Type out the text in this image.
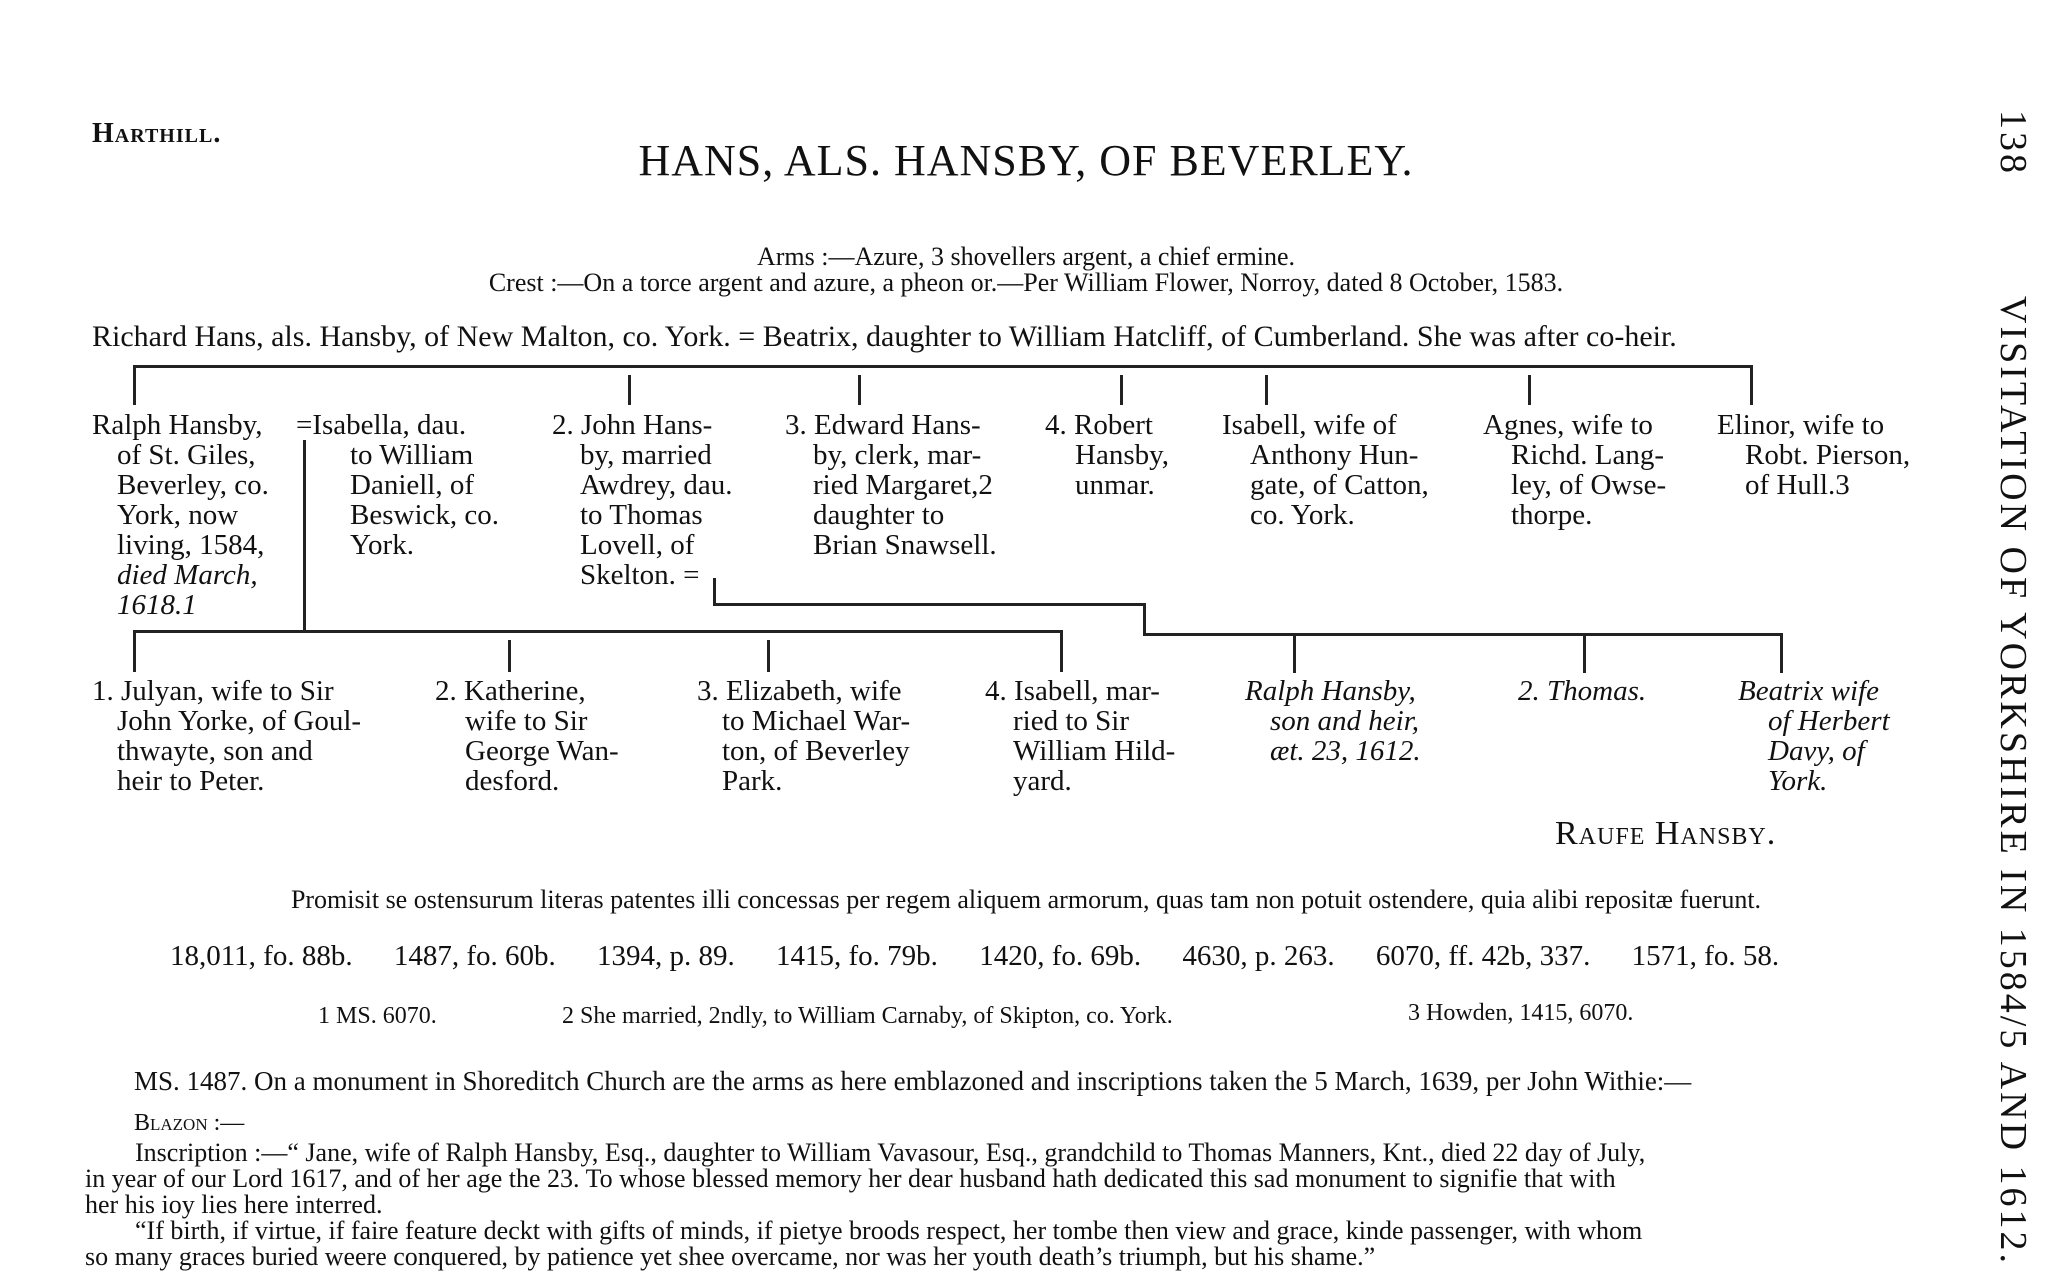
Harthill.
HANS, ALS. HANSBY, OF BEVERLEY.	138VISITATION OF YORKSHIRE IN 1584/5 AND 1612.
Arms :—Azure, 3 shovellers argent, a chief ermine.
Crest :—On a torce argent and azure, a pheon or.—Per William Flower, Norroy, dated 8 October, 1583.
Richard Hans, als. Hansby, of New Malton, co. York. = Beatrix, daughter to William Hatcliff, of Cumberland. She was after co-heir.
Ralph Hansby,
of St. Giles,
Beverley, co.
York, now
living, 1584,
died March,
1618.1
=Isabella, dau.
to William
Daniell, of
Beswick, co.
York.
2. John Hans-
by, married
Awdrey, dau.
to Thomas
Lovell, of
Skelton. =
3. Edward Hans-
by, clerk, mar-
ried Margaret,2
daughter to
Brian Snawsell.
4. Robert
Hansby,
unmar.
Isabell, wife of
Anthony Hun-
gate, of Catton,
co. York.
Agnes, wife to
Richd. Lang-
ley, of Owse-
thorpe.
Elinor, wife to
Robt. Pierson,
of Hull.3
1. Julyan, wife to Sir
John Yorke, of Goul-
thwayte, son and
heir to Peter.
2. Katherine,
wife to Sir
George Wan-
desford.
3. Elizabeth, wife
to Michael War-
ton, of Beverley
Park.
4. Isabell, mar-
ried to Sir
William Hild-
yard.
Ralph Hansby,
son and heir,
æt. 23, 1612.
2. Thomas.	Beatrix wife
of Herbert
Davy, of
York.
Raufe Hansby.
Promisit se ostensurum literas patentes illi concessas per regem aliquem armorum, quas tam non potuit ostendere, quia alibi repositæ fuerunt.
18,011, fo. 88b. 1487, fo. 60b. 1394, p. 89. 1415, fo. 79b. 1420, fo. 69b. 4630, p. 263. 6070, ff. 42b, 337. 1571, fo. 58.
1 MS. 6070.	2 She married, 2ndly, to William Carnaby, of Skipton, co. York.	3 Howden, 1415, 6070.
MS. 1487. On a monument in Shoreditch Church are the arms as here emblazoned and inscriptions taken the 5 March, 1639, per John Withie:—
Blazon :—
Inscription :—“ Jane, wife of Ralph Hansby, Esq., daughter to William Vavasour, Esq., grandchild to Thomas Manners, Knt., died 22 day of July,
in year of our Lord 1617, and of her age the 23. To whose blessed memory her dear husband hath dedicated this sad monument to signifie that with
her his ioy lies here interred.
“If birth, if virtue, if faire feature deckt with gifts of minds, if pietye broods respect, her tombe then view and grace, kinde passenger, with whom
so many graces buried weere conquered, by patience yet shee overcame, nor was her youth death’s triumph, but his shame.”
